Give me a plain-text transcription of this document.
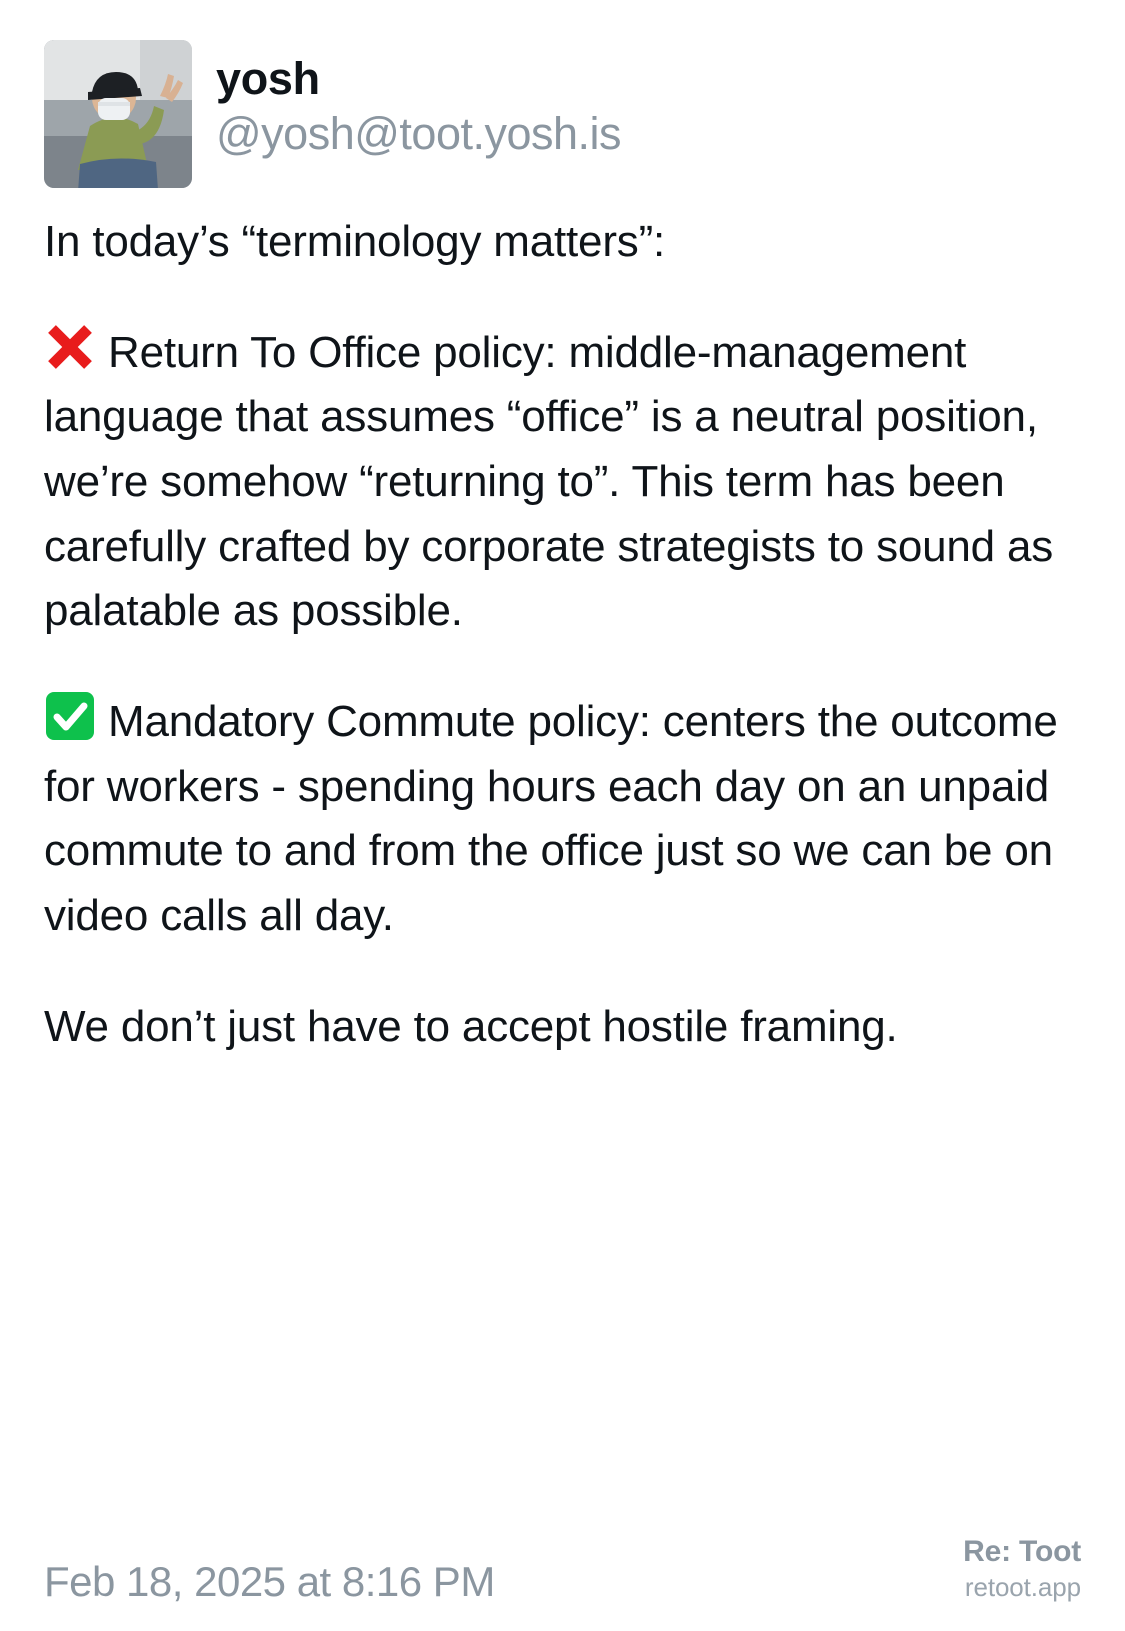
yosh
@yosh@toot.yosh.is

In today’s “terminology matters”:

Return To Office policy: middle-management language that assumes “office” is a neutral position, we’re somehow “returning to”. This term has been carefully crafted by corporate strategists to sound as palatable as possible.

Mandatory Commute policy: centers the outcome for workers - spending hours each day on an unpaid commute to and from the office just so we can be on video calls all day.

We don’t just have to accept hostile framing.

Feb 18, 2025 at 8:16 PM
Re: Toot
retoot.app
